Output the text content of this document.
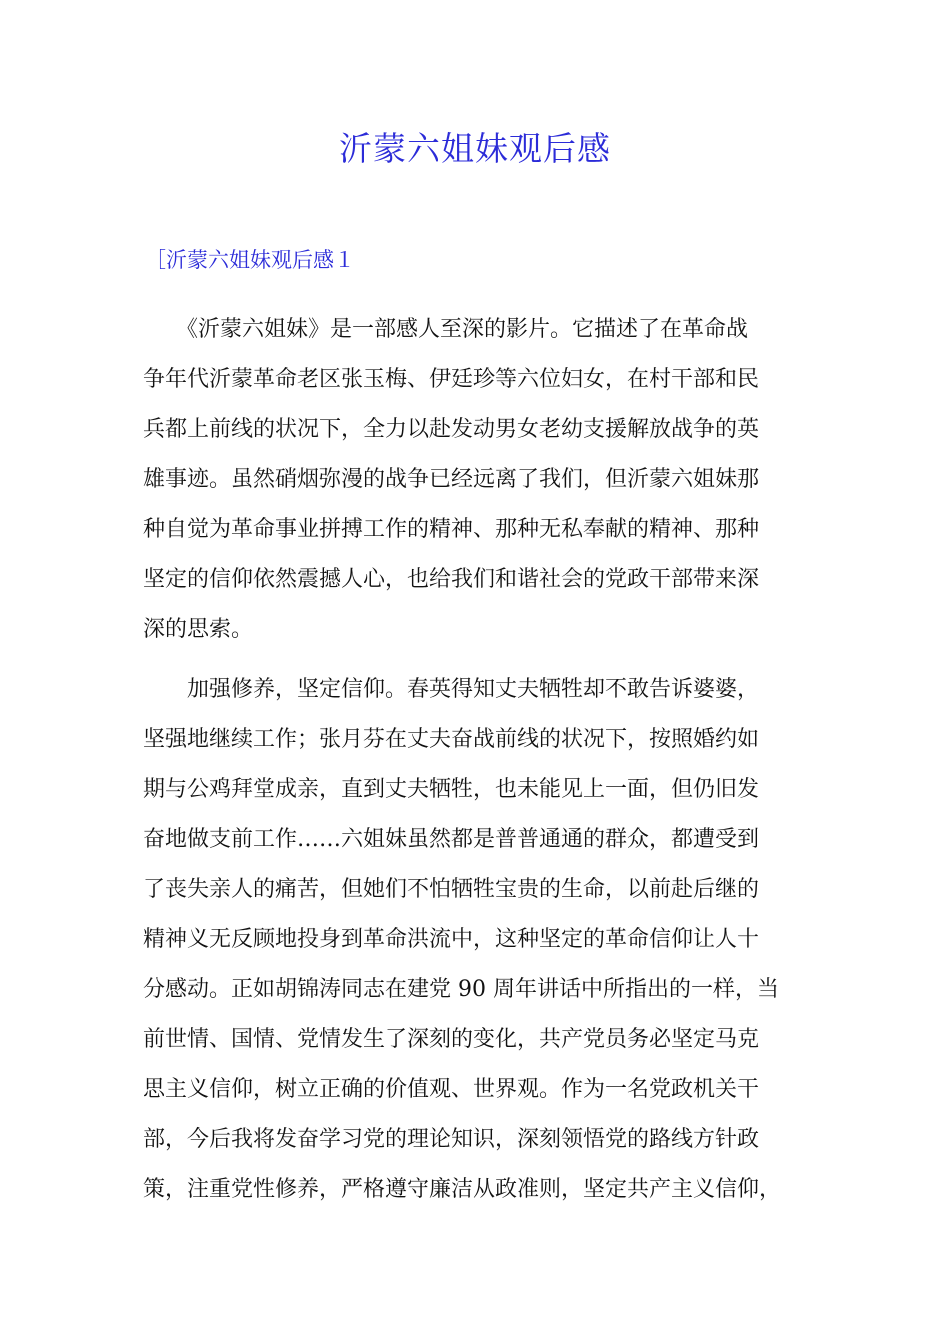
沂蒙六姐妹观后感
［沂蒙六姐妹观后感１
　　《沂蒙六姐妹》是一部感人至深的影片。它描述了在革命战
争年代沂蒙革命老区张玉梅、伊廷珍等六位妇女，在村干部和民
兵都上前线的状况下，全力以赴发动男女老幼支援解放战争的英
雄事迹。虽然硝烟弥漫的战争已经远离了我们，但沂蒙六姐妹那
种自觉为革命事业拼搏工作的精神、那种无私奉献的精神、那种
坚定的信仰依然震撼人心，也给我们和谐社会的党政干部带来深
深的思索。
　　加强修养，坚定信仰。春英得知丈夫牺牲却不敢告诉婆婆，
坚强地继续工作；张月芬在丈夫奋战前线的状况下，按照婚约如
期与公鸡拜堂成亲，直到丈夫牺牲，也未能见上一面，但仍旧发
奋地做支前工作……六姐妹虽然都是普普通通的群众，都遭受到
了丧失亲人的痛苦，但她们不怕牺牲宝贵的生命，以前赴后继的
精神义无反顾地投身到革命洪流中，这种坚定的革命信仰让人十
分感动。正如胡锦涛同志在建党 90 周年讲话中所指出的一样，当
前世情、国情、党情发生了深刻的变化，共产党员务必坚定马克
思主义信仰，树立正确的价值观、世界观。作为一名党政机关干
部，今后我将发奋学习党的理论知识，深刻领悟党的路线方针政
策，注重党性修养，严格遵守廉洁从政准则，坚定共产主义信仰，
